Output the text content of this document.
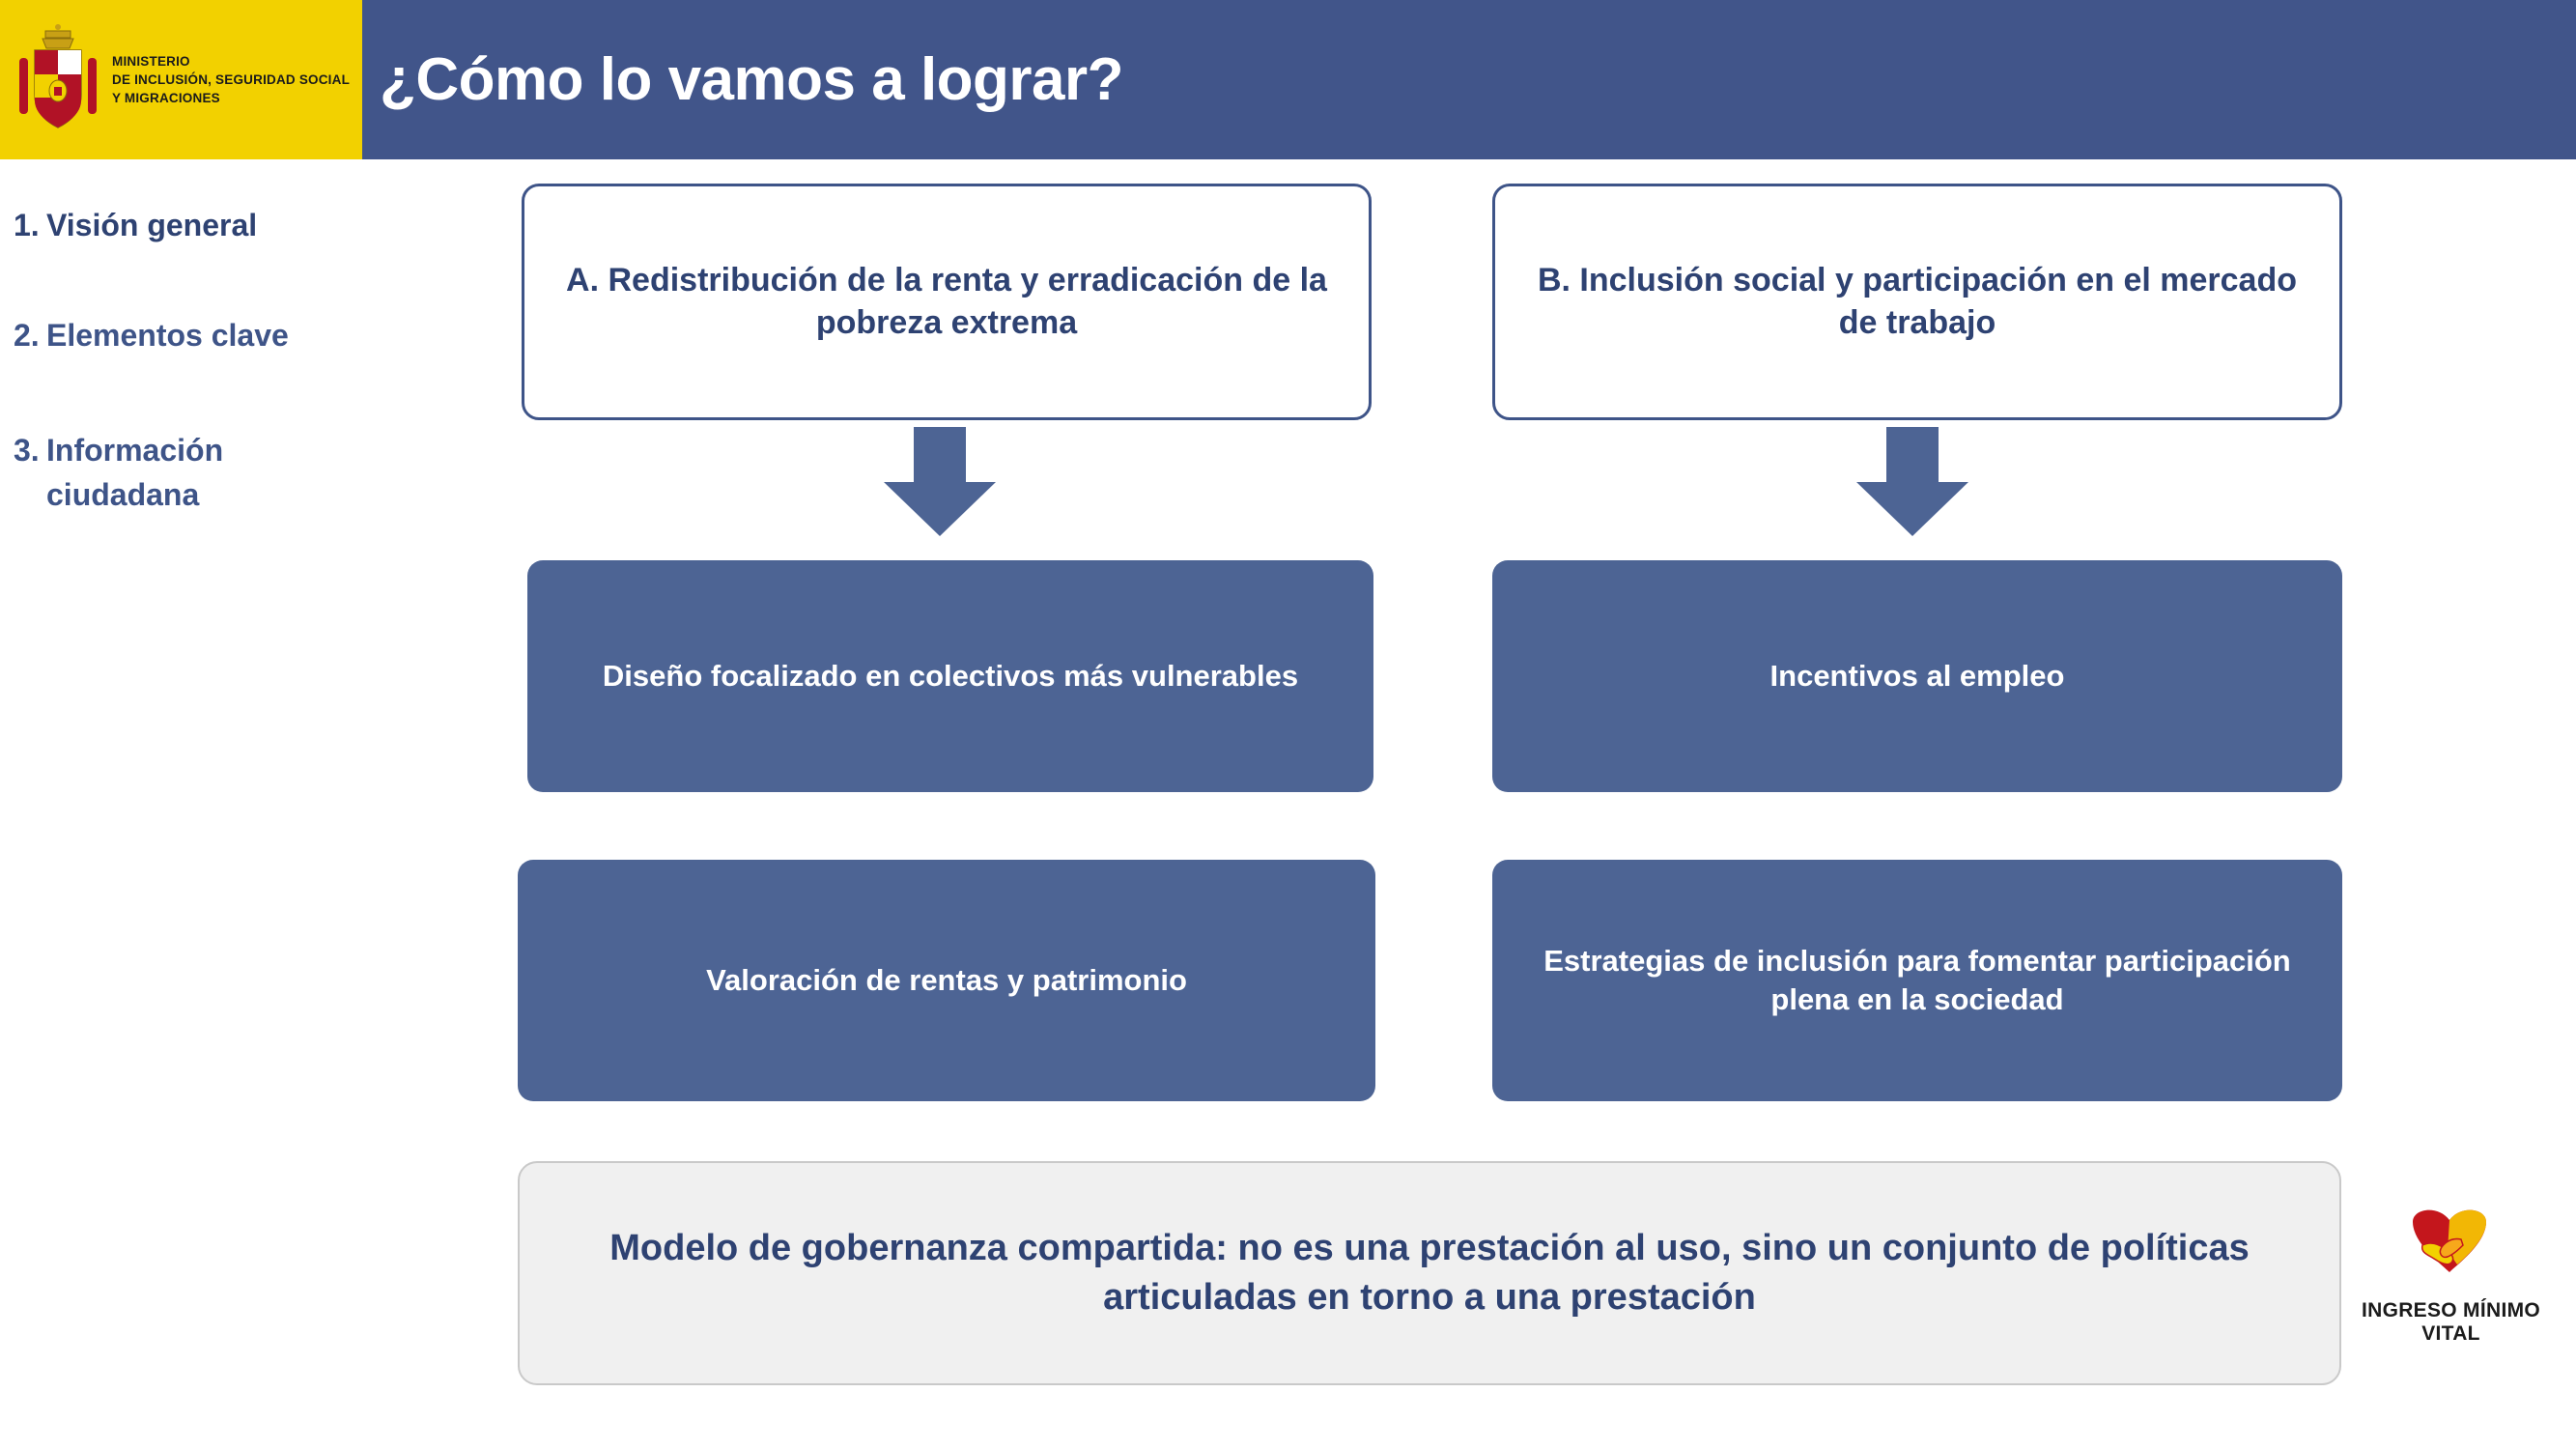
MINISTERIO
DE INCLUSIÓN, SEGURIDAD SOCIAL
Y MIGRACIONES	¿Cómo lo vamos a lograr?
1. Visión general
2. Elementos clave
3. Información ciudadana
A. Redistribución de la renta y erradicación de la pobreza extrema
Diseño focalizado en colectivos más vulnerables
Valoración de rentas y patrimonio
B. Inclusión social y participación en el mercado de trabajo
Incentivos al empleo
Estrategias de inclusión para fomentar participación plena en la sociedad
Modelo de gobernanza compartida: no es una prestación al uso, sino un conjunto de políticas articuladas en torno a una prestación	INGRESO MÍNIMO VITAL
